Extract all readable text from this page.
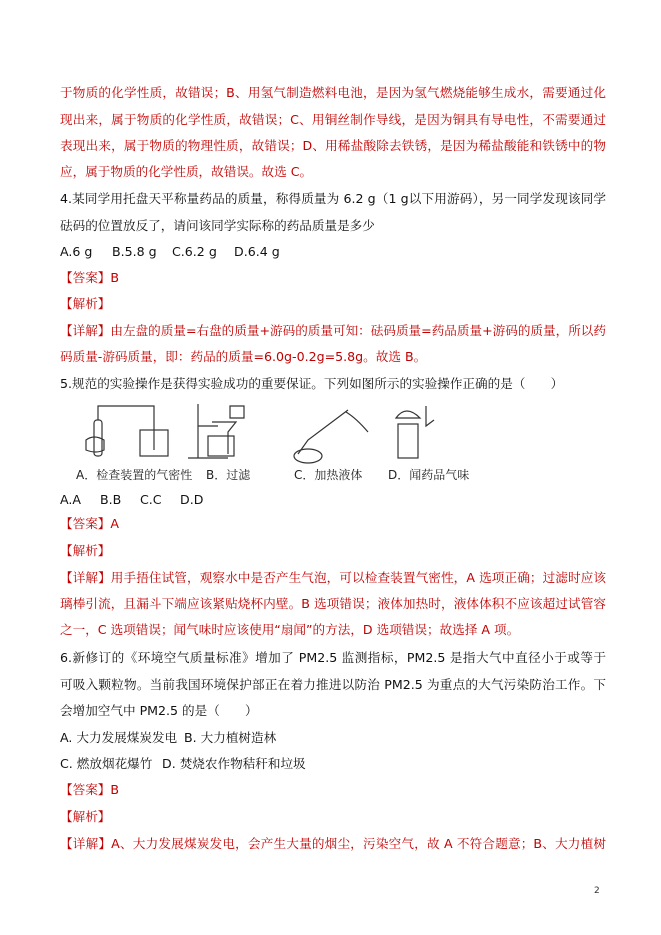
于物质的化学性质，故错误；B、用氢气制造燃料电池，是因为氢气燃烧能够生成水，需要通过化
现出来，属于物质的化学性质，故错误；C、用铜丝制作导线，是因为铜具有导电性，不需要通过
表现出来，属于物质的物理性质，故错误；D、用稀盐酸除去铁锈，是因为稀盐酸能和铁锈中的物
应，属于物质的化学性质，故错误。故选 C。
4.某同学用托盘天平称量药品的质量，称得质量为 6.2 g（1 g以下用游码），另一同学发现该同学
砝码的位置放反了，请问该同学实际称的药品质量是多少
A.6 g B.5.8 g C.6.2 g D.6.4 g
【答案】B
【解析】
【详解】由左盘的质量=右盘的质量+游码的质量可知：砝码质量=药品质量+游码的质量，所以药
码质量-游码质量，即：药品的质量=6.0g-0.2g=5.8g。故选 B。
5.规范的实验操作是获得实验成功的重要保证。下列如图所示的实验操作正确的是（　　）
A．检查装置的气密性 B．过滤	C．加热液体 D．闻药品气味
A.A B.B C.C D.D
【答案】A
【解析】
【详解】用手捂住试管，观察水中是否产生气泡，可以检查装置气密性，A 选项正确；过滤时应该
璃棒引流，且漏斗下端应该紧贴烧杯内壁。B 选项错误；液体加热时，液体体积不应该超过试管容
之一，C 选项错误；闻气味时应该使用“扇闻”的方法，D 选项错误；故选择 A 项。
6.新修订的《环境空气质量标准》增加了 PM2.5 监测指标，PM2.5 是指大气中直径小于或等于
可吸入颗粒物。当前我国环境保护部正在着力推进以防治 PM2.5 为重点的大气污染防治工作。下
会增加空气中 PM2.5 的是（　　）
A. 大力发展煤炭发电 B. 大力植树造林
C. 燃放烟花爆竹 D. 焚烧农作物秸秆和垃圾
【答案】B
【解析】
【详解】A、大力发展煤炭发电，会产生大量的烟尘，污染空气，故 A 不符合题意；B、大力植树
2
